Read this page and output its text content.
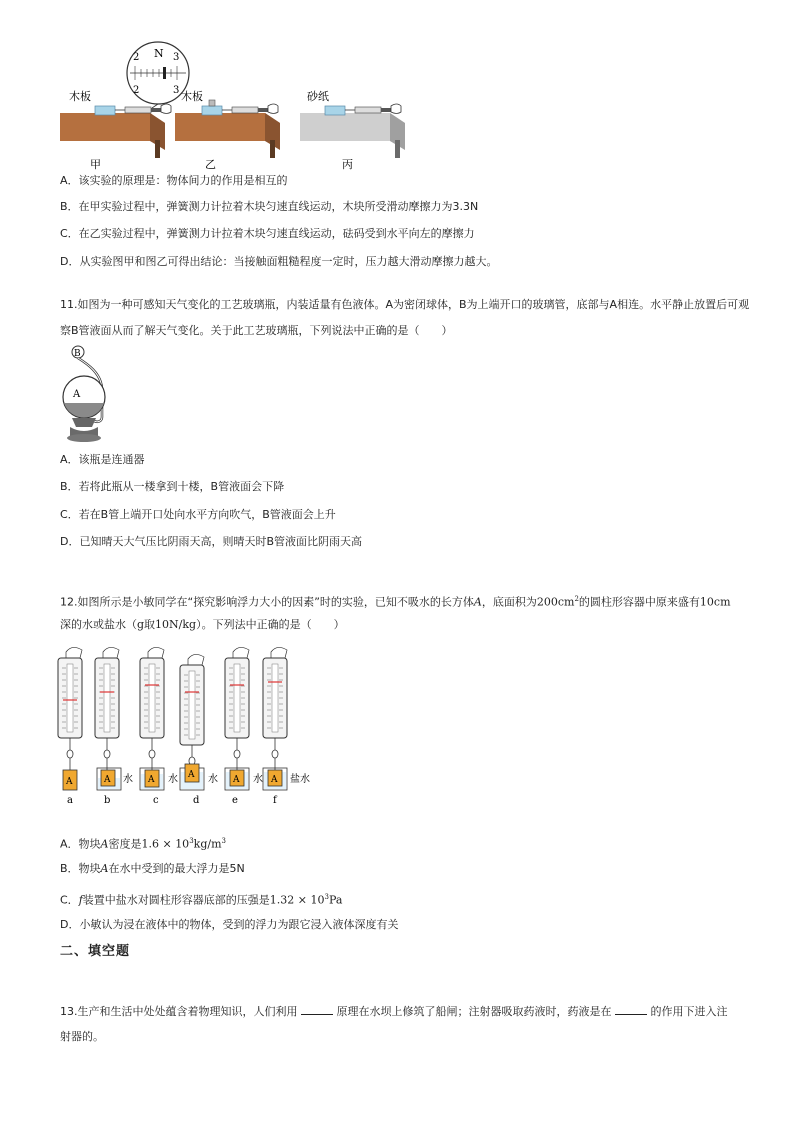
2 N 3
2	3
木板
甲
木板
乙
砂纸
丙
A．该实验的原理是：物体间力的作用是相互的
B．在甲实验过程中，弹簧测力计拉着木块匀速直线运动，木块所受滑动摩擦力为3.3N
C．在乙实验过程中，弹簧测力计拉着木块匀速直线运动，砝码受到水平向左的摩擦力
D．从实验图甲和图乙可得出结论：当接触面粗糙程度一定时，压力越大滑动摩擦力越大。
11.如图为一种可感知天气变化的工艺玻璃瓶，内装适量有色液体。A为密闭球体，B为上端开口的玻璃管，底部与A相连。水平静止放置后可观察B管液面从而了解天气变化。关于此工艺玻璃瓶，下列说法中正确的是（　　）
B
A
A．该瓶是连通器
B．若将此瓶从一楼拿到十楼，B管液面会下降
C．若在B管上端开口处向水平方向吹气，B管液面会上升
D．已知晴天大气压比阴雨天高，则晴天时B管液面比阴雨天高
12.如图所示是小敏同学在“探究影响浮力大小的因素”时的实验，已知不吸水的长方体A，底面积为$200cm^2$的圆柱形容器中原来盛有10cm
深的水或盐水（g取10N/kg）。下列法中正确的是（　　）
A
a
A 水
b
A
c
水 A
d
水 A 水
e
A 盐水
f
A．物块A密度是$1.6 \times 10^3kg/m^3$
B．物块A在水中受到的最大浮力是5N
C．f装置中盐水对圆柱形容器底部的压强是$1.32 \times 10^3Pa$
D．小敏认为浸在液体中的物体，受到的浮力为跟它浸入液体深度有关
二、填空题
13.生产和生活中处处蕴含着物理知识，人们利用	原理在水坝上修筑了船闸；注射器吸取药液时，药液是在	的作用下进入注
射器的。
